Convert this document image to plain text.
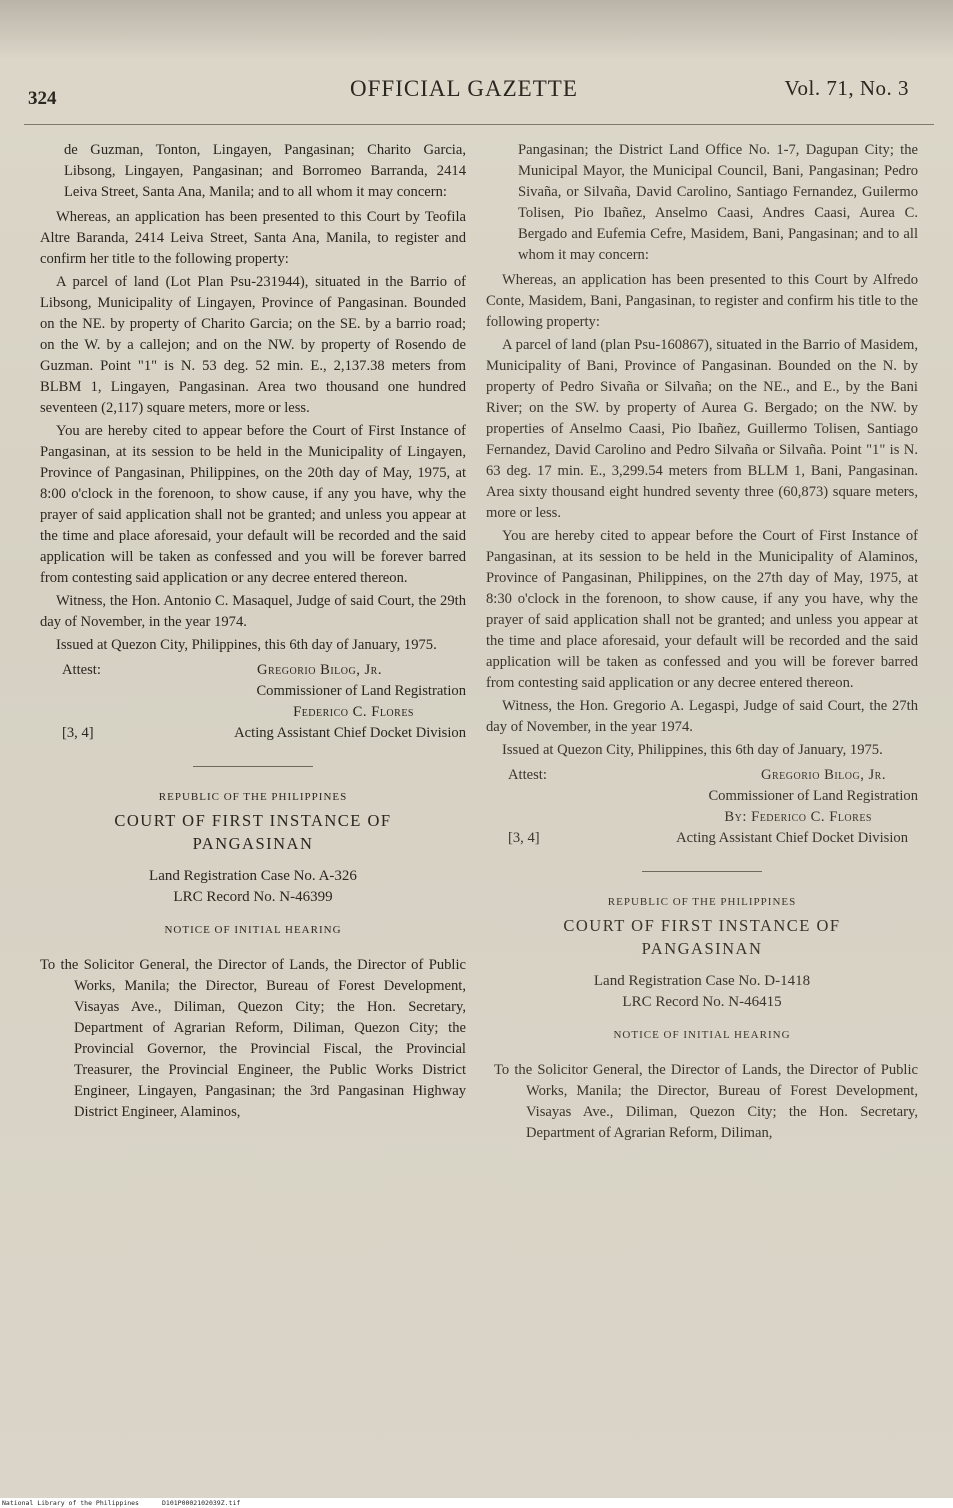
324	OFFICIAL GAZETTE	Vol. 71, No. 3
de Guzman, Tonton, Lingayen, Pangasinan; Charito Garcia, Libsong, Lingayen, Pangasinan; and Borromeo Barranda, 2414 Leiva Street, Santa Ana, Manila; and to all whom it may concern:

Whereas, an application has been presented to this Court by Teofila Altre Baranda, 2414 Leiva Street, Santa Ana, Manila, to register and confirm her title to the following property:

A parcel of land (Lot Plan Psu-231944), situated in the Barrio of Libsong, Municipality of Lingayen, Province of Pangasinan. Bounded on the NE. by property of Charito Garcia; on the SE. by a barrio road; on the W. by a callejon; and on the NW. by property of Rosendo de Guzman. Point "1" is N. 53 deg. 52 min. E., 2,137.38 meters from BLBM 1, Lingayen, Pangasinan. Area two thousand one hundred seventeen (2,117) square meters, more or less.

You are hereby cited to appear before the Court of First Instance of Pangasinan, at its session to be held in the Municipality of Lingayen, Province of Pangasinan, Philippines, on the 20th day of May, 1975, at 8:00 o'clock in the forenoon, to show cause, if any you have, why the prayer of said application shall not be granted; and unless you appear at the time and place aforesaid, your default will be recorded and the said application will be taken as confessed and you will be forever barred from contesting said application or any decree entered thereon.

Witness, the Hon. Antonio C. Masaquel, Judge of said Court, the 29th day of November, in the year 1974.

Issued at Quezon City, Philippines, this 6th day of January, 1975.

Attest:	Gregorio Bilog, Jr.
Commissioner of Land Registration
Federico C. Flores
[3, 4]	Acting Assistant Chief Docket Division
REPUBLIC OF THE PHILIPPINES
COURT OF FIRST INSTANCE OF
PANGASINAN
Land Registration Case No. A-326
LRC Record No. N-46399
NOTICE OF INITIAL HEARING
To the Solicitor General, the Director of Lands, the Director of Public Works, Manila; the Director, Bureau of Forest Development, Visayas Ave., Diliman, Quezon City; the Hon. Secretary, Department of Agrarian Reform, Diliman, Quezon City; the Provincial Governor, the Provincial Fiscal, the Provincial Treasurer, the Provincial Engineer, the Public Works District Engineer, Lingayen, Pangasinan; the 3rd Pangasinan Highway District Engineer, Alaminos,
Pangasinan; the District Land Office No. 1-7, Dagupan City; the Municipal Mayor, the Municipal Council, Bani, Pangasinan; Pedro Sivaña, or Silvaña, David Carolino, Santiago Fernandez, Guilermo Tolisen, Pio Ibañez, Anselmo Caasi, Andres Caasi, Aurea C. Bergado and Eufemia Cefre, Masidem, Bani, Pangasinan; and to all whom it may concern:

Whereas, an application has been presented to this Court by Alfredo Conte, Masidem, Bani, Pangasinan, to register and confirm his title to the following property:

A parcel of land (plan Psu-160867), situated in the Barrio of Masidem, Municipality of Bani, Province of Pangasinan. Bounded on the N. by property of Pedro Sivaña or Silvaña; on the NE., and E., by the Bani River; on the SW. by property of Aurea G. Bergado; on the NW. by properties of Anselmo Caasi, Pio Ibañez, Guillermo Tolisen, Santiago Fernandez, David Carolino and Pedro Silvaña or Silvaña. Point "1" is N. 63 deg. 17 min. E., 3,299.54 meters from BLLM 1, Bani, Pangasinan. Area sixty thousand eight hundred seventy three (60,873) square meters, more or less.

You are hereby cited to appear before the Court of First Instance of Pangasinan, at its session to be held in the Municipality of Alaminos, Province of Pangasinan, Philippines, on the 27th day of May, 1975, at 8:30 o'clock in the forenoon, to show cause, if any you have, why the prayer of said application shall not be granted; and unless you appear at the time and place aforesaid, your default will be recorded and the said application will be taken as confessed and you will be forever barred from contesting said application or any decree entered thereon.

Witness, the Hon. Gregorio A. Legaspi, Judge of said Court, the 27th day of November, in the year 1974.

Issued at Quezon City, Philippines, this 6th day of January, 1975.

Attest:	Gregorio Bilog, Jr.
Commissioner of Land Registration
By: Federico C. Flores
[3, 4]	Acting Assistant Chief Docket Division
REPUBLIC OF THE PHILIPPINES
COURT OF FIRST INSTANCE OF
PANGASINAN
Land Registration Case No. D-1418
LRC Record No. N-46415
NOTICE OF INITIAL HEARING
To the Solicitor General, the Director of Lands, the Director of Public Works, Manila; the Director, Bureau of Forest Development, Visayas Ave., Diliman, Quezon City; the Hon. Secretary, Department of Agrarian Reform, Diliman,
National Library of the Philippines	D101P0002102039Z.tif
